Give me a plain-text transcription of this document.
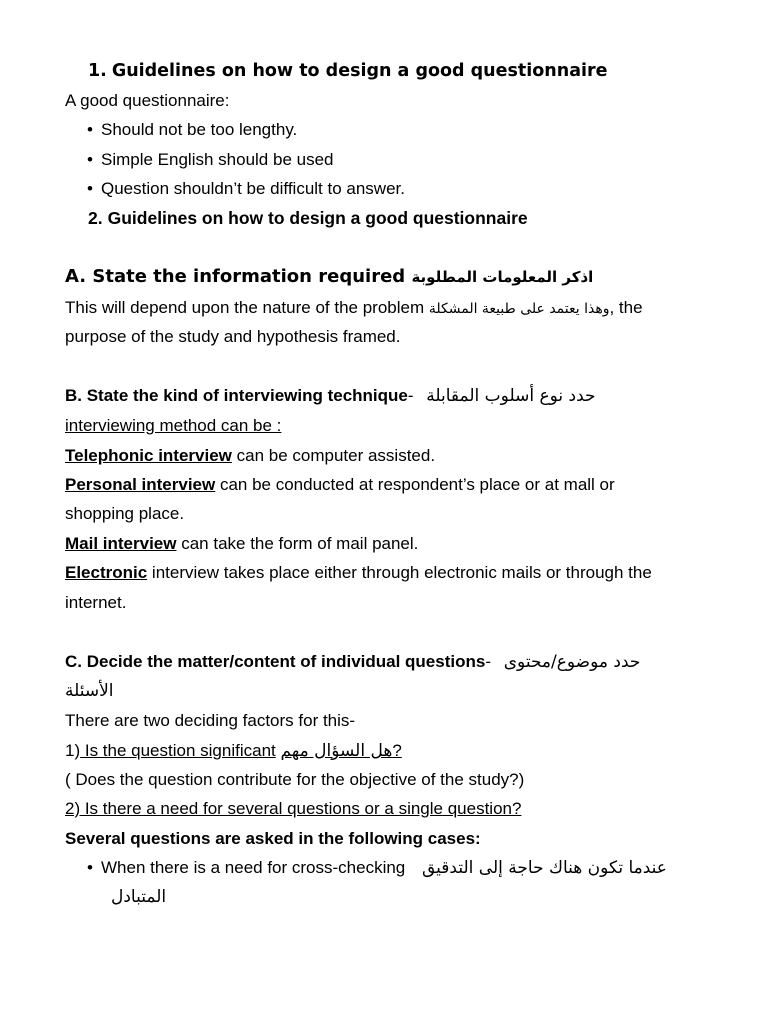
1. Guidelines on how to design a good questionnaire
A good questionnaire:
• Should not be too lengthy.
• Simple English should be used
• Question shouldn’t be difficult to answer.
2. Guidelines on how to design a good questionnaire
A. State the information required اذكر المعلومات المطلوبة
This will depend upon the nature of the problem وهذا يعتمد على طبيعة المشكلة, the
purpose of the study and hypothesis framed.
B. State the kind of interviewing technique- حدد نوع أسلوب المقابلة
interviewing method can be :
Telephonic interview can be computer assisted.
Personal interview can be conducted at respondent’s place or at mall or
shopping place.
Mail interview can take the form of mail panel.
Electronic interview takes place either through electronic mails or through the
internet.
C. Decide the matter/content of individual questions- حدد موضوع/محتوى
الأسئلة
There are two deciding factors for this-
1) Is the question significant هل السؤال مهم?
( Does the question contribute for the objective of the study?)
2) Is there a need for several questions or a single question?
Several questions are asked in the following cases:
• When there is a need for cross-checking عندما تكون هناك حاجة إلى التدقيق
المتبادل
